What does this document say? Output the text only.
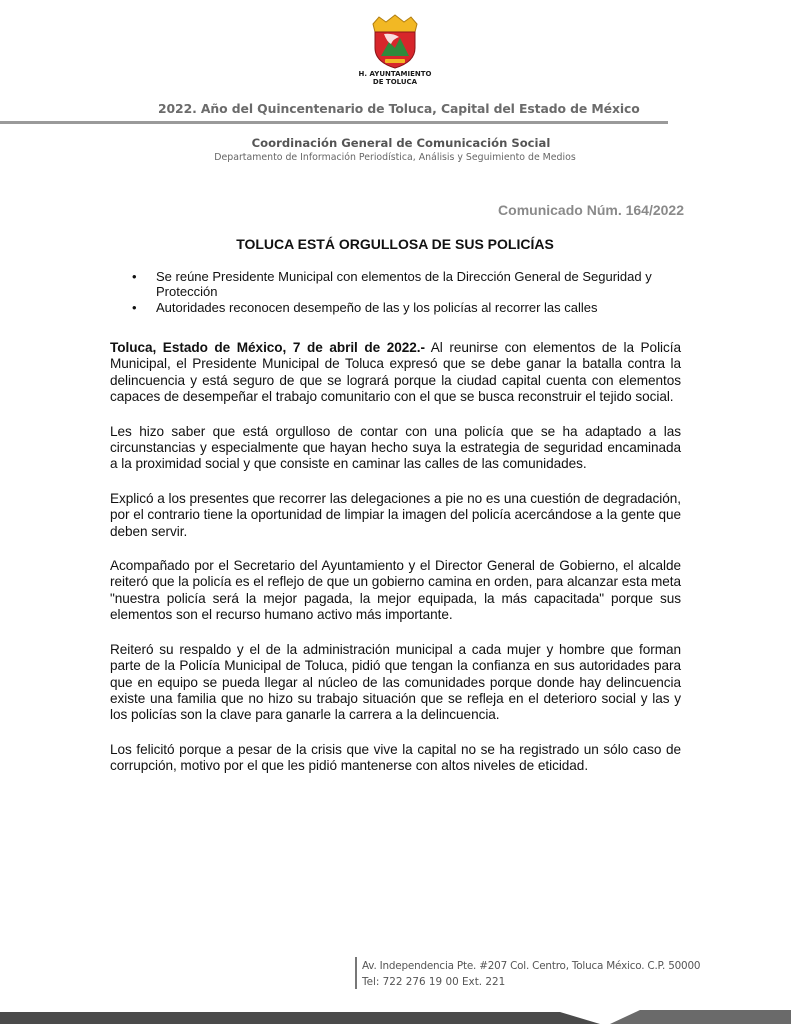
H. AYUNTAMIENTO
DE TOLUCA
2022. Año del Quincentenario de Toluca, Capital del Estado de México
Coordinación General de Comunicación Social
Departamento de Información Periodística, Análisis y Seguimiento de Medios
Comunicado Núm. 164/2022
TOLUCA ESTÁ ORGULLOSA DE SUS POLICÍAS
• Se reúne Presidente Municipal con elementos de la Dirección General de Seguridad y Protección
• Autoridades reconocen desempeño de las y los policías al recorrer las calles

Toluca, Estado de México, 7 de abril de 2022.- Al reunirse con elementos de la Policía Municipal, el Presidente Municipal de Toluca expresó que se debe ganar la batalla contra la delincuencia y está seguro de que se logrará porque la ciudad capital cuenta con elementos capaces de desempeñar el trabajo comunitario con el que se busca reconstruir el tejido social.

Les hizo saber que está orgulloso de contar con una policía que se ha adaptado a las circunstancias y especialmente que hayan hecho suya la estrategia de seguridad encaminada a la proximidad social y que consiste en caminar las calles de las comunidades.

Explicó a los presentes que recorrer las delegaciones a pie no es una cuestión de degradación, por el contrario tiene la oportunidad de limpiar la imagen del policía acercándose a la gente que deben servir.

Acompañado por el Secretario del Ayuntamiento y el Director General de Gobierno, el alcalde reiteró que la policía es el reflejo de que un gobierno camina en orden, para alcanzar esta meta "nuestra policía será la mejor pagada, la mejor equipada, la más capacitada" porque sus elementos son el recurso humano activo más importante.

Reiteró su respaldo y el de la administración municipal a cada mujer y hombre que forman parte de la Policía Municipal de Toluca, pidió que tengan la confianza en sus autoridades para que en equipo se pueda llegar al núcleo de las comunidades porque donde hay delincuencia existe una familia que no hizo su trabajo situación que se refleja en el deterioro social y las y los policías son la clave para ganarle la carrera a la delincuencia.

Los felicitó porque a pesar de la crisis que vive la capital no se ha registrado un sólo caso de corrupción, motivo por el que les pidió mantenerse con altos niveles de eticidad.

Av. Independencia Pte. #207 Col. Centro, Toluca México. C.P. 50000
Tel: 722 276 19 00 Ext. 221
